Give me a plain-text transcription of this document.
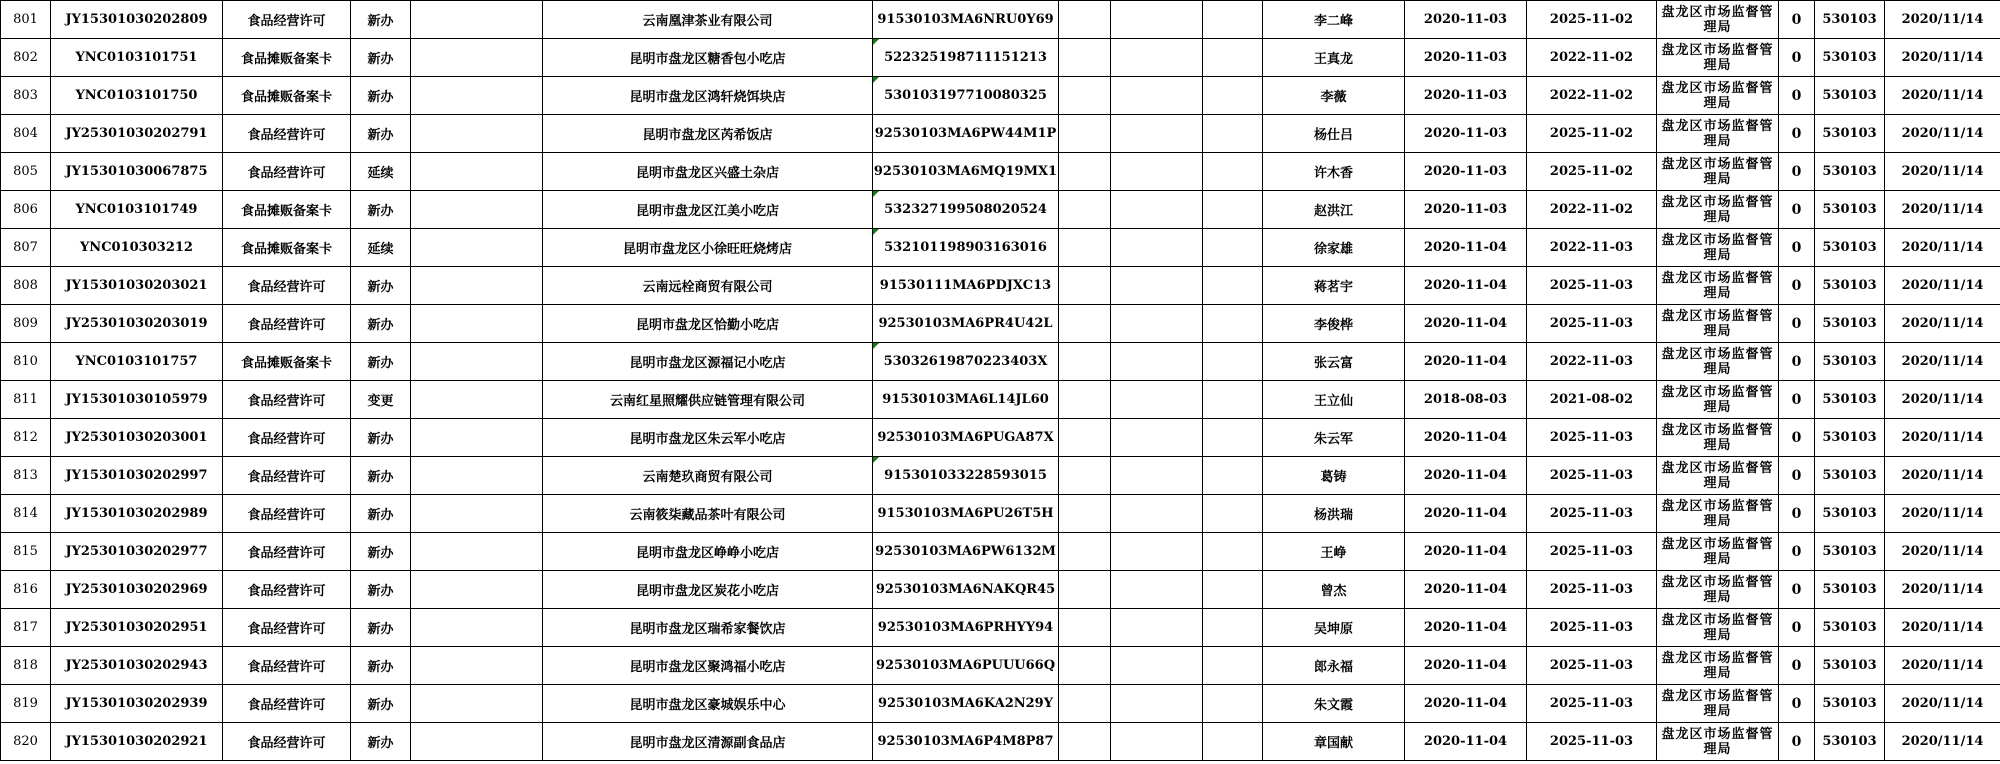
801	JY15301030202809	食品经营许可	新办		云南凰津茶业有限公司	91530103MA6NRU0Y69				李二峰	2020-11-03	2025-11-02	盘龙区市场监督管理局	0	530103	2020/11/14
802	YNC0103101751	食品摊贩备案卡	新办		昆明市盘龙区糖香包小吃店	522325198711151213				王真龙	2020-11-03	2022-11-02	盘龙区市场监督管理局	0	530103	2020/11/14
803	YNC0103101750	食品摊贩备案卡	新办		昆明市盘龙区鸿轩烧饵块店	530103197710080325				李薇	2020-11-03	2022-11-02	盘龙区市场监督管理局	0	530103	2020/11/14
804	JY25301030202791	食品经营许可	新办		昆明市盘龙区芮希饭店	92530103MA6PW44M1P				杨仕吕	2020-11-03	2025-11-02	盘龙区市场监督管理局	0	530103	2020/11/14
805	JY15301030067875	食品经营许可	延续		昆明市盘龙区兴盛土杂店	92530103MA6MQ19MX1				许木香	2020-11-03	2025-11-02	盘龙区市场监督管理局	0	530103	2020/11/14
806	YNC0103101749	食品摊贩备案卡	新办		昆明市盘龙区江美小吃店	532327199508020524				赵洪江	2020-11-03	2022-11-02	盘龙区市场监督管理局	0	530103	2020/11/14
807	YNC010303212	食品摊贩备案卡	延续		昆明市盘龙区小徐旺旺烧烤店	532101198903163016				徐家雄	2020-11-04	2022-11-03	盘龙区市场监督管理局	0	530103	2020/11/14
808	JY15301030203021	食品经营许可	新办		云南远栓商贸有限公司	91530111MA6PDJXC13				蒋茗宇	2020-11-04	2025-11-03	盘龙区市场监督管理局	0	530103	2020/11/14
809	JY25301030203019	食品经营许可	新办		昆明市盘龙区恰勤小吃店	92530103MA6PR4U42L				李俊桦	2020-11-04	2025-11-03	盘龙区市场监督管理局	0	530103	2020/11/14
810	YNC0103101757	食品摊贩备案卡	新办		昆明市盘龙区源福记小吃店	53032619870223403X				张云富	2020-11-04	2022-11-03	盘龙区市场监督管理局	0	530103	2020/11/14
811	JY15301030105979	食品经营许可	变更		云南红星照耀供应链管理有限公司	91530103MA6L14JL60				王立仙	2018-08-03	2021-08-02	盘龙区市场监督管理局	0	530103	2020/11/14
812	JY25301030203001	食品经营许可	新办		昆明市盘龙区朱云军小吃店	92530103MA6PUGA87X				朱云军	2020-11-04	2025-11-03	盘龙区市场监督管理局	0	530103	2020/11/14
813	JY15301030202997	食品经营许可	新办		云南楚玖商贸有限公司	915301033228593015				葛铸	2020-11-04	2025-11-03	盘龙区市场监督管理局	0	530103	2020/11/14
814	JY15301030202989	食品经营许可	新办		云南筱柒藏品茶叶有限公司	91530103MA6PU26T5H				杨洪瑞	2020-11-04	2025-11-03	盘龙区市场监督管理局	0	530103	2020/11/14
815	JY25301030202977	食品经营许可	新办		昆明市盘龙区峥峥小吃店	92530103MA6PW6132M				王峥	2020-11-04	2025-11-03	盘龙区市场监督管理局	0	530103	2020/11/14
816	JY25301030202969	食品经营许可	新办		昆明市盘龙区炭花小吃店	92530103MA6NAKQR45				曾杰	2020-11-04	2025-11-03	盘龙区市场监督管理局	0	530103	2020/11/14
817	JY25301030202951	食品经营许可	新办		昆明市盘龙区瑞希家餐饮店	92530103MA6PRHYY94				吴坤原	2020-11-04	2025-11-03	盘龙区市场监督管理局	0	530103	2020/11/14
818	JY25301030202943	食品经营许可	新办		昆明市盘龙区聚鸿福小吃店	92530103MA6PUUU66Q				郎永福	2020-11-04	2025-11-03	盘龙区市场监督管理局	0	530103	2020/11/14
819	JY15301030202939	食品经营许可	新办		昆明市盘龙区豪城娱乐中心	92530103MA6KA2N29Y				朱文霞	2020-11-04	2025-11-03	盘龙区市场监督管理局	0	530103	2020/11/14
820	JY15301030202921	食品经营许可	新办		昆明市盘龙区清源副食品店	92530103MA6P4M8P87				章国献	2020-11-04	2025-11-03	盘龙区市场监督管理局	0	530103	2020/11/14
